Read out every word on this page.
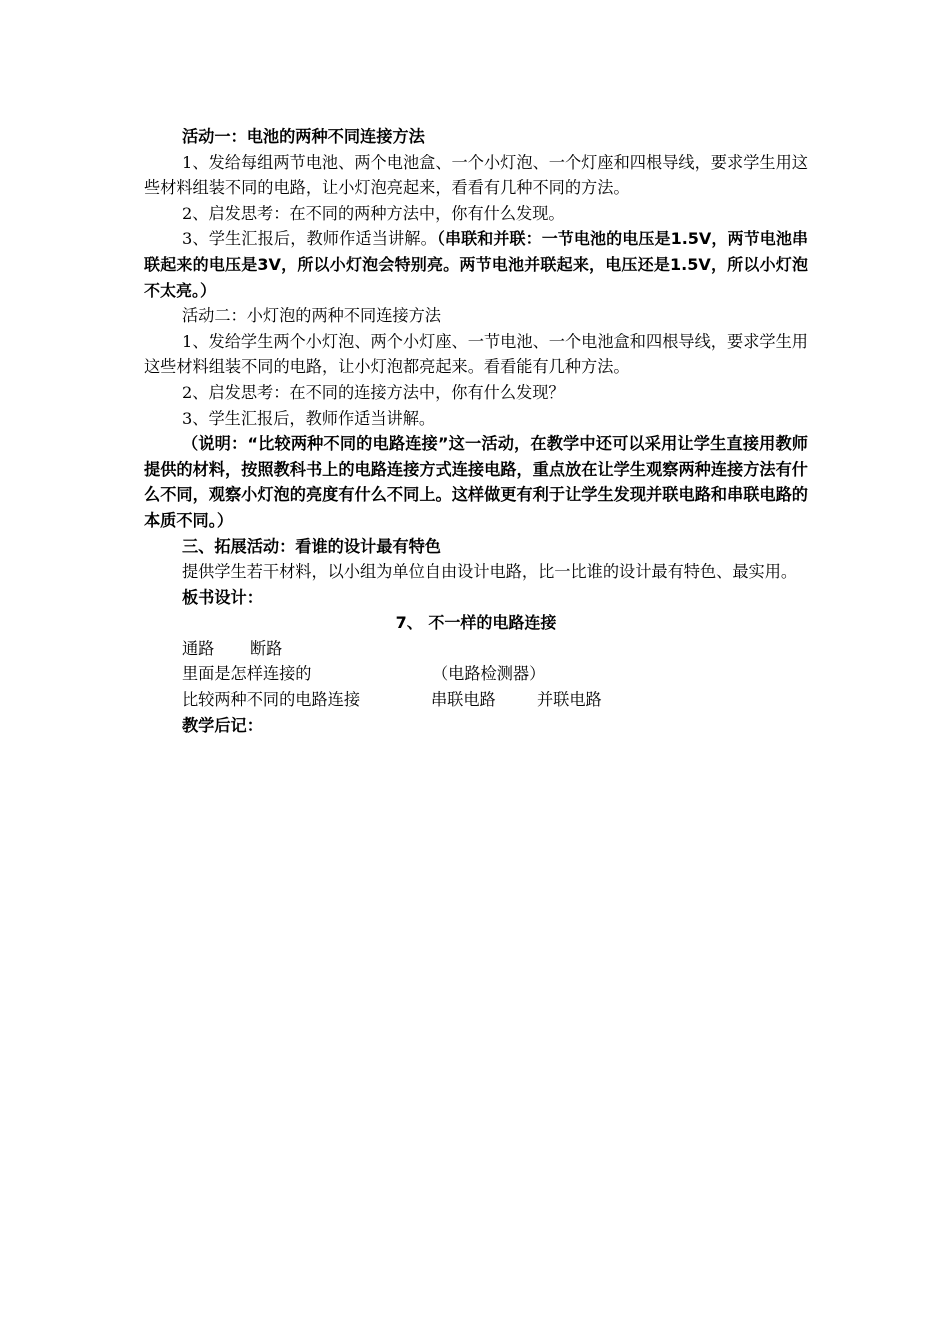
活动一：电池的两种不同连接方法

1、发给每组两节电池、两个电池盒、一个小灯泡、一个灯座和四根导线，要求学生用这些材料组装不同的电路，让小灯泡亮起来，看看有几种不同的方法。

2、启发思考：在不同的两种方法中，你有什么发现。

3、学生汇报后，教师作适当讲解。（串联和并联：一节电池的电压是1.5V，两节电池串联起来的电压是3V，所以小灯泡会特别亮。两节电池并联起来，电压还是1.5V，所以小灯泡不太亮。）

活动二：小灯泡的两种不同连接方法

1、发给学生两个小灯泡、两个小灯座、一节电池、一个电池盒和四根导线，要求学生用这些材料组装不同的电路，让小灯泡都亮起来。看看能有几种方法。

2、启发思考：在不同的连接方法中，你有什么发现？

3、学生汇报后，教师作适当讲解。

（说明：“比较两种不同的电路连接”这一活动，在教学中还可以采用让学生直接用教师提供的材料，按照教科书上的电路连接方式连接电路，重点放在让学生观察两种连接方法有什么不同，观察小灯泡的亮度有什么不同上。这样做更有利于让学生发现并联电路和串联电路的本质不同。）

三、拓展活动：看谁的设计最有特色

提供学生若干材料，以小组为单位自由设计电路，比一比谁的设计最有特色、最实用。

板书设计：

7、 不一样的电路连接

通路 断路
里面是怎样连接的	（电路检测器）
比较两种不同的电路连接	串联电路	并联电路

教学后记：
